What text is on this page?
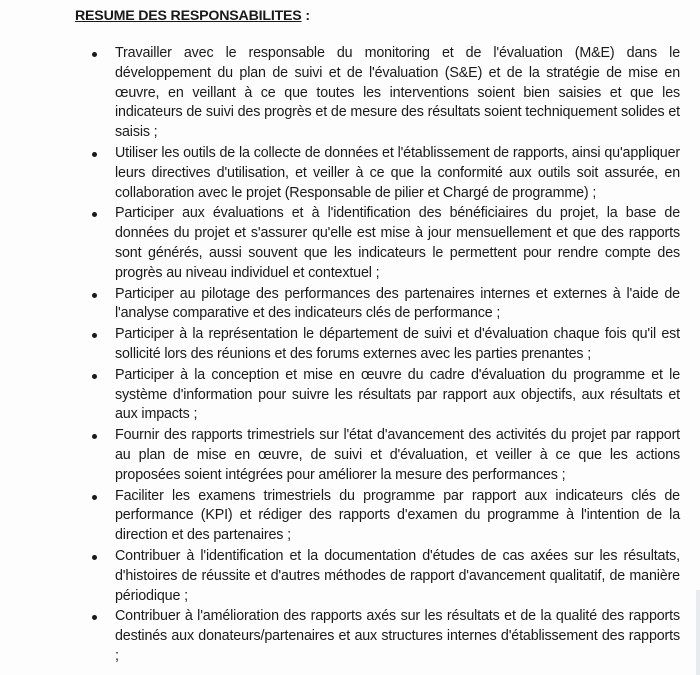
RESUME DES RESPONSABILITES :
Travailler avec le responsable du monitoring et de l'évaluation (M&E) dans le développement du plan de suivi et de l'évaluation (S&E) et de la stratégie de mise en œuvre, en veillant à ce que toutes les interventions soient bien saisies et que les indicateurs de suivi des progrès et de mesure des résultats soient techniquement solides et saisis ;
Utiliser les outils de la collecte de données et l'établissement de rapports, ainsi qu'appliquer leurs directives d'utilisation, et veiller à ce que la conformité aux outils soit assurée, en collaboration avec le projet (Responsable de pilier et Chargé de programme) ;
Participer aux évaluations et à l'identification des bénéficiaires du projet, la base de données du projet et s'assurer qu'elle est mise à jour mensuellement et que des rapports sont générés, aussi souvent que les indicateurs le permettent pour rendre compte des progrès au niveau individuel et contextuel ;
Participer au pilotage des performances des partenaires internes et externes à l'aide de l'analyse comparative et des indicateurs clés de performance ;
Participer à la représentation le département de suivi et d'évaluation chaque fois qu'il est sollicité lors des réunions et des forums externes avec les parties prenantes ;
Participer à la conception et mise en œuvre du cadre d'évaluation du programme et le système d'information pour suivre les résultats par rapport aux objectifs, aux résultats et aux impacts ;
Fournir des rapports trimestriels sur l'état d'avancement des activités du projet par rapport au plan de mise en œuvre, de suivi et d'évaluation, et veiller à ce que les actions proposées soient intégrées pour améliorer la mesure des performances ;
Faciliter les examens trimestriels du programme par rapport aux indicateurs clés de performance (KPI) et rédiger des rapports d'examen du programme à l'intention de la direction et des partenaires ;
Contribuer à l'identification et la documentation d'études de cas axées sur les résultats, d'histoires de réussite et d'autres méthodes de rapport d'avancement qualitatif, de manière périodique ;
Contribuer à l'amélioration des rapports axés sur les résultats et de la qualité des rapports destinés aux donateurs/partenaires et aux structures internes d'établissement des rapports ;
